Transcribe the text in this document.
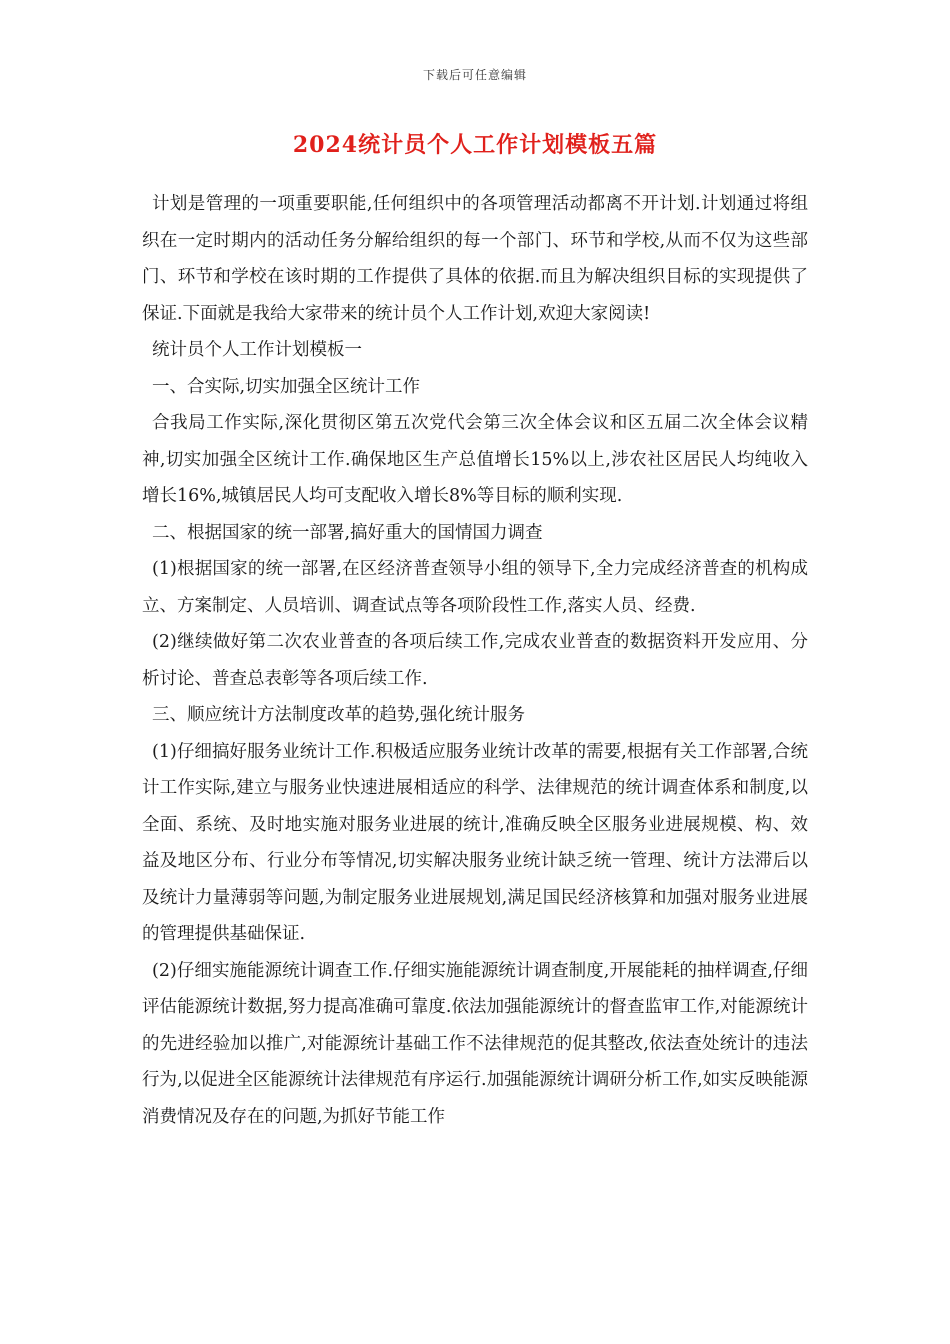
下载后可任意编辑
2024统计员个人工作计划模板五篇

计划是管理的一项重要职能,任何组织中的各项管理活动都离不开计划.计划通过将组织在一定时期内的活动任务分解给组织的每一个部门、环节和学校,从而不仅为这些部门、环节和学校在该时期的工作提供了具体的依据.而且为解决组织目标的实现提供了保证.下面就是我给大家带来的统计员个人工作计划,欢迎大家阅读!

统计员个人工作计划模板一

一、合实际,切实加强全区统计工作

合我局工作实际,深化贯彻区第五次党代会第三次全体会议和区五届二次全体会议精神,切实加强全区统计工作.确保地区生产总值增长15%以上,涉农社区居民人均纯收入增长16%,城镇居民人均可支配收入增长8%等目标的顺利实现.

二、根据国家的统一部署,搞好重大的国情国力调查

(1)根据国家的统一部署,在区经济普查领导小组的领导下,全力完成经济普查的机构成立、方案制定、人员培训、调查试点等各项阶段性工作,落实人员、经费.

(2)继续做好第二次农业普查的各项后续工作,完成农业普查的数据资料开发应用、分析讨论、普查总表彰等各项后续工作.

三、顺应统计方法制度改革的趋势,强化统计服务

(1)仔细搞好服务业统计工作.积极适应服务业统计改革的需要,根据有关工作部署,合统计工作实际,建立与服务业快速进展相适应的科学、法律规范的统计调查体系和制度,以全面、系统、及时地实施对服务业进展的统计,准确反映全区服务业进展规模、构、效益及地区分布、行业分布等情况,切实解决服务业统计缺乏统一管理、统计方法滞后以及统计力量薄弱等问题,为制定服务业进展规划,满足国民经济核算和加强对服务业进展的管理提供基础保证.

(2)仔细实施能源统计调查工作.仔细实施能源统计调查制度,开展能耗的抽样调查,仔细评估能源统计数据,努力提高准确可靠度.依法加强能源统计的督查监审工作,对能源统计的先进经验加以推广,对能源统计基础工作不法律规范的促其整改,依法查处统计的违法行为,以促进全区能源统计法律规范有序运行.加强能源统计调研分析工作,如实反映能源消费情况及存在的问题,为抓好节能工作
